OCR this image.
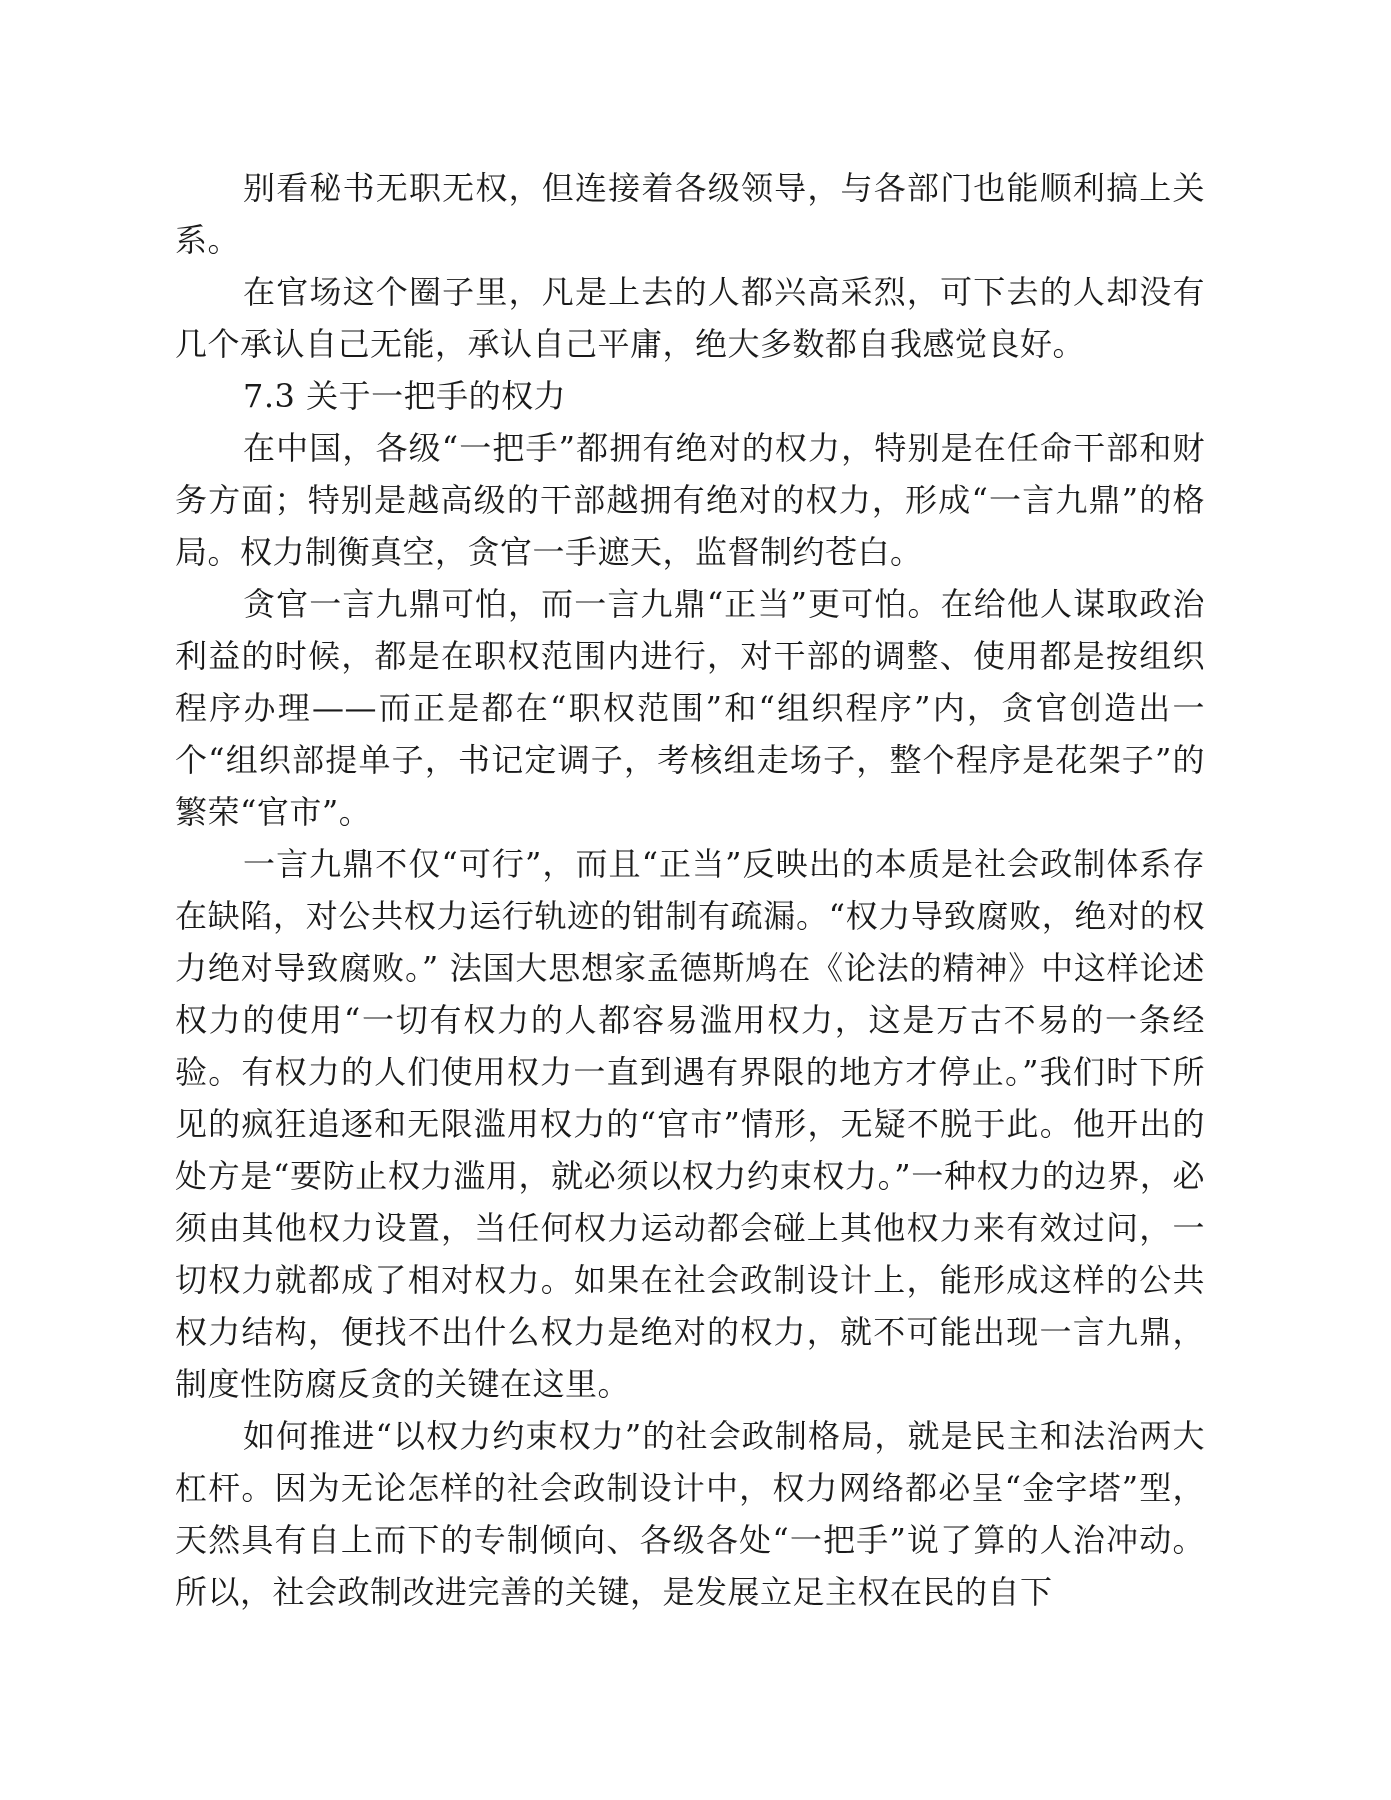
别看秘书无职无权，但连接着各级领导，与各部门也能顺利搞上关系。

在官场这个圈子里，凡是上去的人都兴高采烈，可下去的人却没有几个承认自己无能，承认自己平庸，绝大多数都自我感觉良好。

7.3 关于一把手的权力

在中国，各级“一把手”都拥有绝对的权力，特别是在任命干部和财务方面；特别是越高级的干部越拥有绝对的权力，形成“一言九鼎”的格局。权力制衡真空，贪官一手遮天，监督制约苍白。

贪官一言九鼎可怕，而一言九鼎“正当”更可怕。在给他人谋取政治利益的时候，都是在职权范围内进行，对干部的调整、使用都是按组织程序办理——而正是都在“职权范围”和“组织程序”内，贪官创造出一个“组织部提单子，书记定调子，考核组走场子，整个程序是花架子”的繁荣“官市”。

一言九鼎不仅“可行”，而且“正当”反映出的本质是社会政制体系存在缺陷，对公共权力运行轨迹的钳制有疏漏。“权力导致腐败，绝对的权力绝对导致腐败。” 法国大思想家孟德斯鸠在《论法的精神》中这样论述权力的使用“一切有权力的人都容易滥用权力，这是万古不易的一条经验。有权力的人们使用权力一直到遇有界限的地方才停止。”我们时下所见的疯狂追逐和无限滥用权力的“官市”情形，无疑不脱于此。他开出的处方是“要防止权力滥用，就必须以权力约束权力。”一种权力的边界，必须由其他权力设置，当任何权力运动都会碰上其他权力来有效过问，一切权力就都成了相对权力。如果在社会政制设计上，能形成这样的公共权力结构，便找不出什么权力是绝对的权力，就不可能出现一言九鼎，制度性防腐反贪的关键在这里。

如何推进“以权力约束权力”的社会政制格局，就是民主和法治两大杠杆。因为无论怎样的社会政制设计中，权力网络都必呈“金字塔”型，天然具有自上而下的专制倾向、各级各处“一把手”说了算的人治冲动。所以，社会政制改进完善的关键，是发展立足主权在民的自下
